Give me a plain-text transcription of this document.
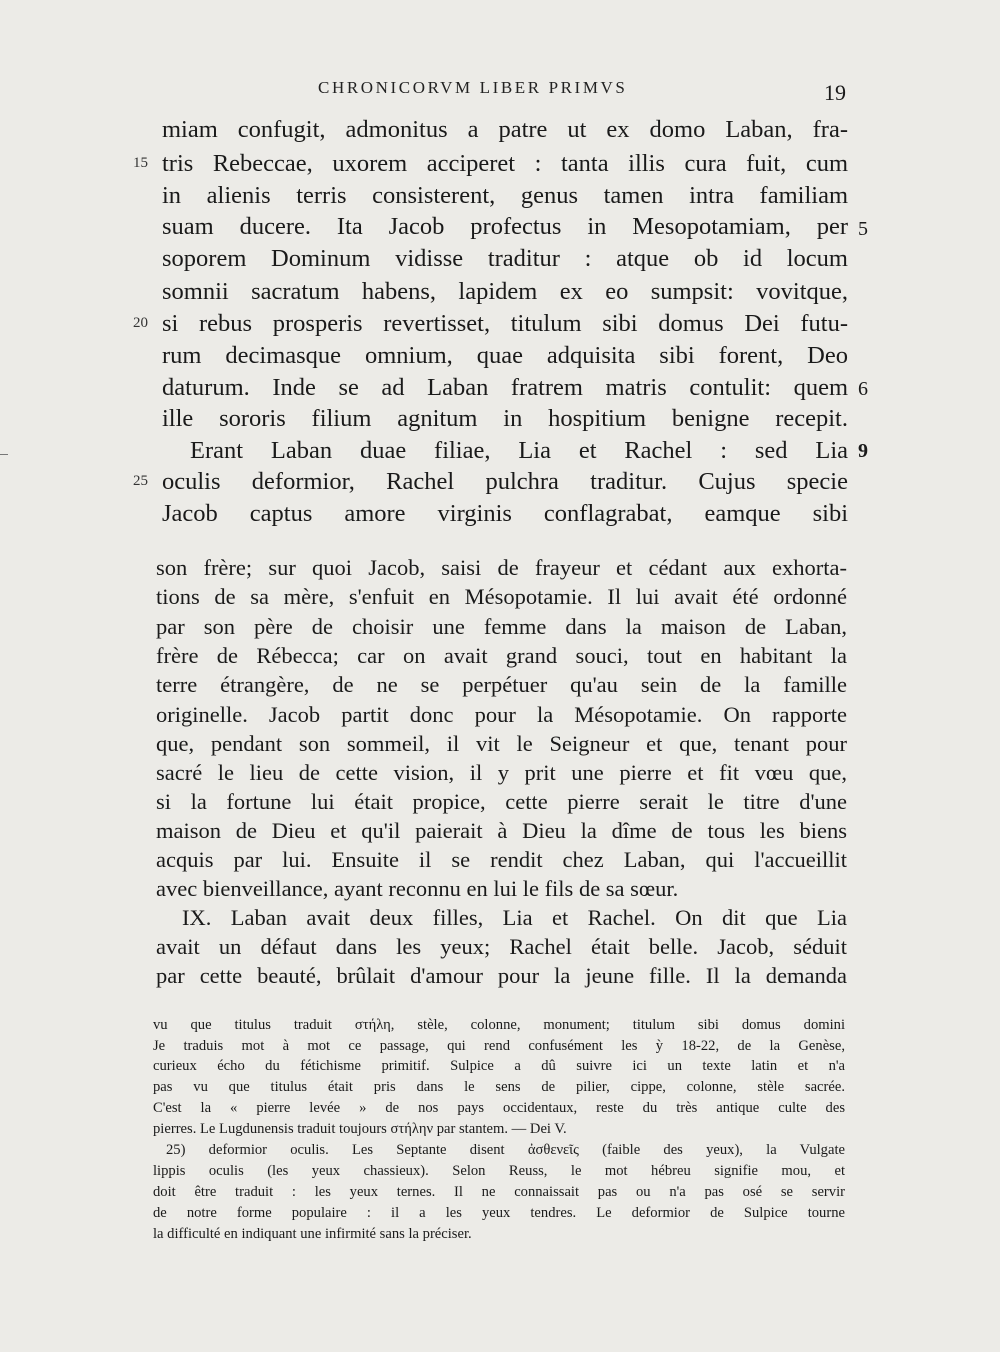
CHRONICORVM LIBER PRIMVS	19
miam confugit, admonitus a patre ut ex domo Laban, fra-
tris Rebeccae, uxorem acciperet : tanta illis cura fuit, cum
in alienis terris consisterent, genus tamen intra familiam
suam ducere. Ita Jacob profectus in Mesopotamiam, per
soporem Dominum vidisse traditur : atque ob id locum
somnii sacratum habens, lapidem ex eo sumpsit: vovitque,
si rebus prosperis revertisset, titulum sibi domus Dei futu-
rum decimasque omnium, quae adquisita sibi forent, Deo
daturum. Inde se ad Laban fratrem matris contulit: quem
ille sororis filium agnitum in hospitium benigne recepit.
Erant Laban duae filiae, Lia et Rachel : sed Lia
oculis deformior, Rachel pulchra traditur. Cujus specie
Jacob captus amore virginis conflagrabat, eamque sibi
15
20
25
5
6
9
son frère; sur quoi Jacob, saisi de frayeur et cédant aux exhorta-
tions de sa mère, s'enfuit en Mésopotamie. Il lui avait été ordonné
par son père de choisir une femme dans la maison de Laban,
frère de Rébecca; car on avait grand souci, tout en habitant la
terre étrangère, de ne se perpétuer qu'au sein de la famille
originelle. Jacob partit donc pour la Mésopotamie. On rapporte
que, pendant son sommeil, il vit le Seigneur et que, tenant pour
sacré le lieu de cette vision, il y prit une pierre et fit vœu que,
si la fortune lui était propice, cette pierre serait le titre d'une
maison de Dieu et qu'il paierait à Dieu la dîme de tous les biens
acquis par lui. Ensuite il se rendit chez Laban, qui l'accueillit
avec bienveillance, ayant reconnu en lui le fils de sa sœur.
IX. Laban avait deux filles, Lia et Rachel. On dit que Lia
avait un défaut dans les yeux; Rachel était belle. Jacob, séduit
par cette beauté, brûlait d'amour pour la jeune fille. Il la demanda
vu que titulus traduit στήλη, stèle, colonne, monument; titulum sibi domus domini
Je traduis mot à mot ce passage, qui rend confusément les ỳ 18-22, de la Genèse,
curieux écho du fétichisme primitif. Sulpice a dû suivre ici un texte latin et n'a
pas vu que titulus était pris dans le sens de pilier, cippe, colonne, stèle sacrée.
C'est la « pierre levée » de nos pays occidentaux, reste du très antique culte des
pierres. Le Lugdunensis traduit toujours στήλην par stantem. — Dei V.
25) deformior oculis. Les Septante disent ἀσθενεῖς (faible des yeux), la Vulgate
lippis oculis (les yeux chassieux). Selon Reuss, le mot hébreu signifie mou, et
doit être traduit : les yeux ternes. Il ne connaissait pas ou n'a pas osé se servir
de notre forme populaire : il a les yeux tendres. Le deformior de Sulpice tourne
la difficulté en indiquant une infirmité sans la préciser.
